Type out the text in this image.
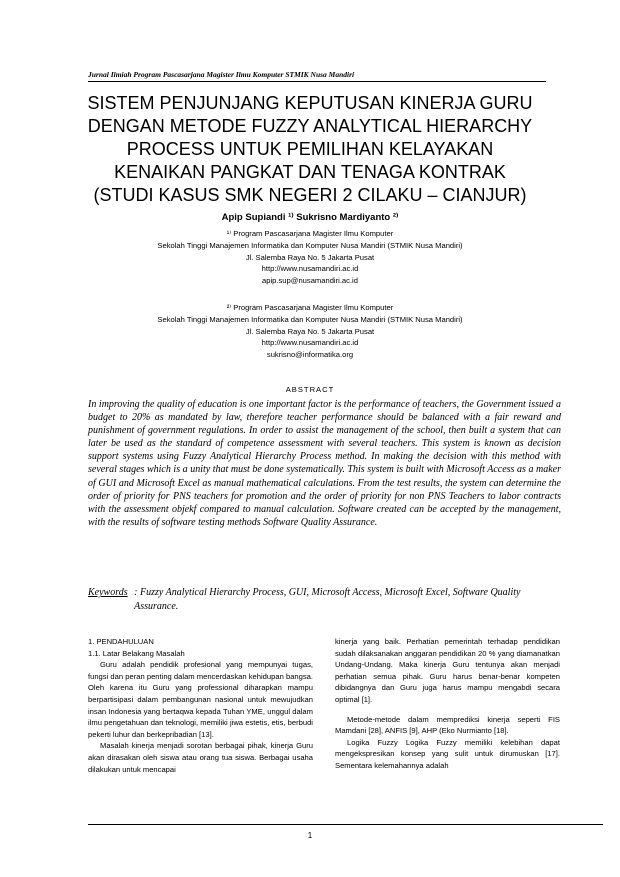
Jurnal Ilmiah Program Pascasarjana Magister Ilmu Komputer STMIK Nusa Mandiri
SISTEM PENJUNJANG KEPUTUSAN KINERJA GURU
DENGAN METODE FUZZY ANALYTICAL HIERARCHY
PROCESS UNTUK PEMILIHAN KELAYAKAN
KENAIKAN PANGKAT DAN TENAGA KONTRAK
(STUDI KASUS SMK NEGERI 2 CILAKU – CIANJUR)
Apip Supiandi ¹⁾ Sukrisno Mardiyanto ²⁾
¹⁾ Program Pascasarjana Magister Ilmu Komputer
Sekolah Tinggi Manajemen Informatika dan Komputer Nusa Mandiri (STMIK Nusa Mandiri)
Jl. Salemba Raya No. 5 Jakarta Pusat
http://www.nusamandiri.ac.id
apip.sup@nusamandiri.ac.id
²⁾ Program Pascasarjana Magister Ilmu Komputer
Sekolah Tinggi Manajemen Informatika dan Komputer Nusa Mandiri (STMIK Nusa Mandiri)
Jl. Salemba Raya No. 5 Jakarta Pusat
http://www.nusamandiri.ac.id
sukrisno@informatika.org
ABSTRACT
In improving the quality of education is one important factor is the performance of teachers, the Government issued a budget to 20% as mandated by law, therefore teacher performance should be balanced with a fair reward and punishment of government regulations. In order to assist the management of the school, then built a system that can later be used as the standard of competence assessment with several teachers. This system is known as decision support systems using Fuzzy Analytical Hierarchy Process method. In making the decision with this method with several stages which is a unity that must be done systematically. This system is built with Microsoft Access as a maker of GUI and Microsoft Excel as manual mathematical calculations. From the test results, the system can determine the order of priority for PNS teachers for promotion and the order of priority for non PNS Teachers to labor contracts with the assessment objekf compared to manual calculation. Software created can be accepted by the management, with the results of software testing methods Software Quality Assurance.
Keywords : Fuzzy Analytical Hierarchy Process, GUI, Microsoft Access, Microsoft Excel, Software Quality Assurance.

1. PENDAHULUAN

1.1. Latar Belakang Masalah

Guru adalah pendidik profesional yang mempunyai tugas, fungsi dan peran penting dalam mencerdaskan kehidupan bangsa. Oleh karena itu Guru yang professional diharapkan mampu berpartisipasi dalam pembangunan nasional untuk mewujudkan insan Indonesia yang bertaqwa kepada Tuhan YME, unggul dalam ilmu pengetahuan dan teknologi, memiliki jiwa estetis, etis, berbudi pekerti luhur dan berkepribadian [13].

Masalah kinerja menjadi sorotan berbagai pihak, kinerja Guru akan dirasakan oleh siswa atau orang tua siswa. Berbagai usaha dilakukan untuk mencapai

kinerja yang baik. Perhatian pemerintah terhadap pendidikan sudah dilaksanakan anggaran pendidikan 20 % yang diamanatkan Undang-Undang. Maka kinerja Guru tentunya akan menjadi perhatian semua pihak. Guru harus benar-benar kompeten dibidangnya dan Guru juga harus mampu mengabdi secara optimal [1].

Metode-metode dalam memprediksi kinerja seperti FIS Mamdani [28], ANFIS [9], AHP (Eko Nurmianto [18].

Logika Fuzzy Logika Fuzzy memiliki kelebihan dapat mengekspresikan konsep yang sulit untuk dirumuskan [17]. Sementara kelemahannya adalah

1
